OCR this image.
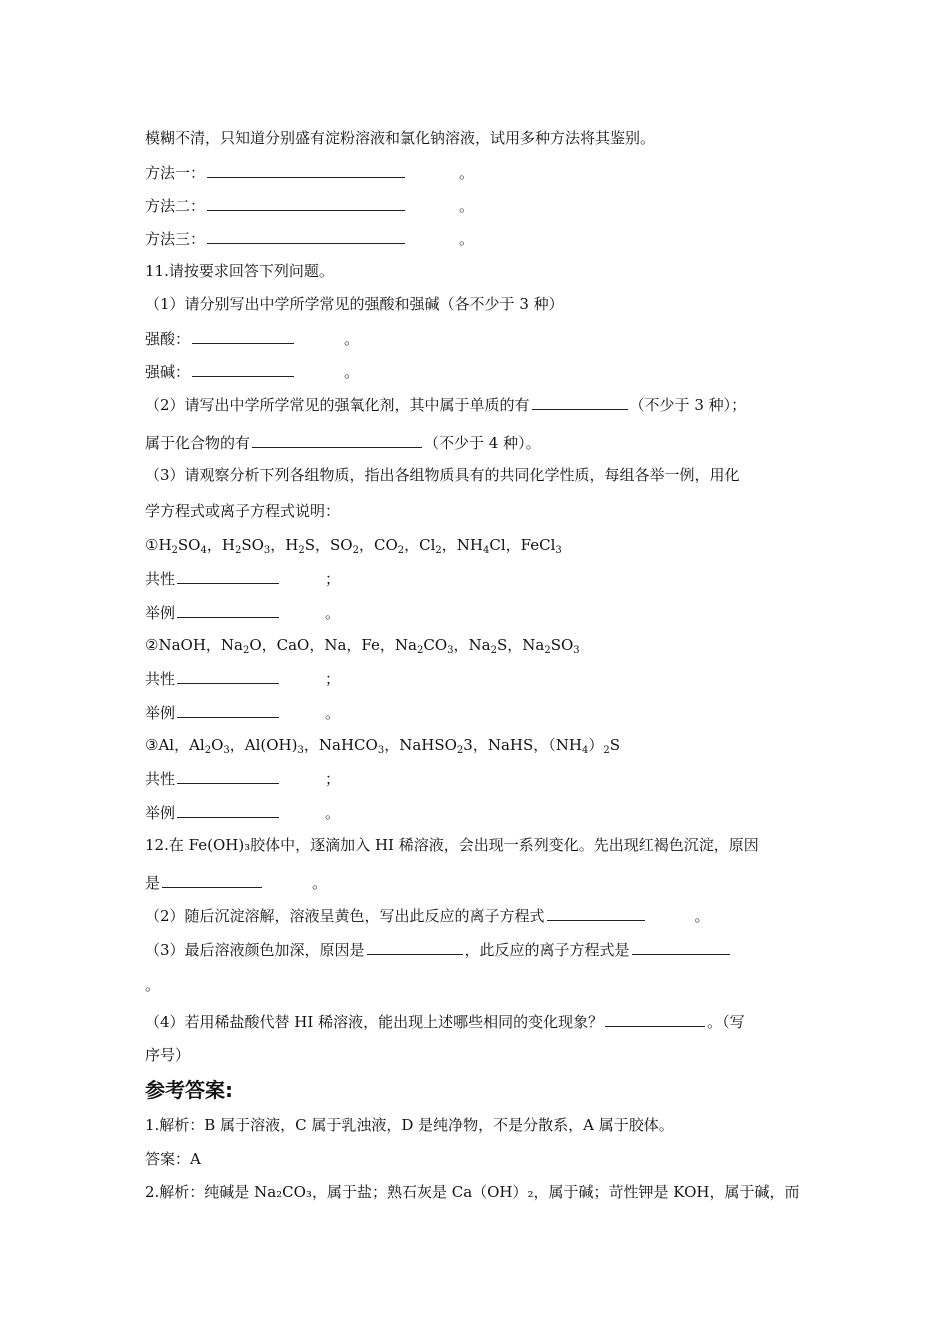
模糊不清，只知道分别盛有淀粉溶液和氯化钠溶液，试用多种方法将其鉴别。
方法一：	。
方法二：	。
方法三：	。
11.请按要求回答下列问题。
（1）请分别写出中学所学常见的强酸和强碱（各不少于 3 种）
强酸：	。
强碱：	。
（2）请写出中学所学常见的强氧化剂，其中属于单质的有	（不少于 3 种）；
属于化合物的有	（不少于 4 种）。
（3）请观察分析下列各组物质，指出各组物质具有的共同化学性质，每组各举一例，用化
学方程式或离子方程式说明：
$①H_2SO_4$，$H_2SO_3$，$H_2S$，$SO_2$，$CO_2$，$Cl_2$，$NH_4Cl$，FeCl$_3$
共性	；
举例	。
②NaOH，$Na_2O$，CaO，Na，Fe，$Na_2CO_3$，$Na_2S$，$Na_2SO_3$
共性	；
举例	。
③Al，$Al_2O_3$，$Al(OH)_3$，NaHCO$_3$，NaHSO$_2$3，NaHS，$(NH_4)_2S$
共性	；
举例	。
12.在 Fe(OH)₃胶体中，逐滴加入 HI 稀溶液，会出现一系列变化。先出现红褐色沉淀，原因
是	。
（2）随后沉淀溶解，溶液呈黄色，写出此反应的离子方程式	。
（3）最后溶液颜色加深，原因是	，此反应的离子方程式是
。
（4）若用稀盐酸代替 HI 稀溶液，能出现上述哪些相同的变化现象？	。（写
序号）
参考答案:
1.解析：B 属于溶液，C 属于乳浊液，D 是纯净物，不是分散系，A 属于胶体。
答案：A
2.解析：纯碱是 Na₂CO₃，属于盐；熟石灰是 Ca（OH）₂，属于碱；苛性钾是 KOH，属于碱，而
